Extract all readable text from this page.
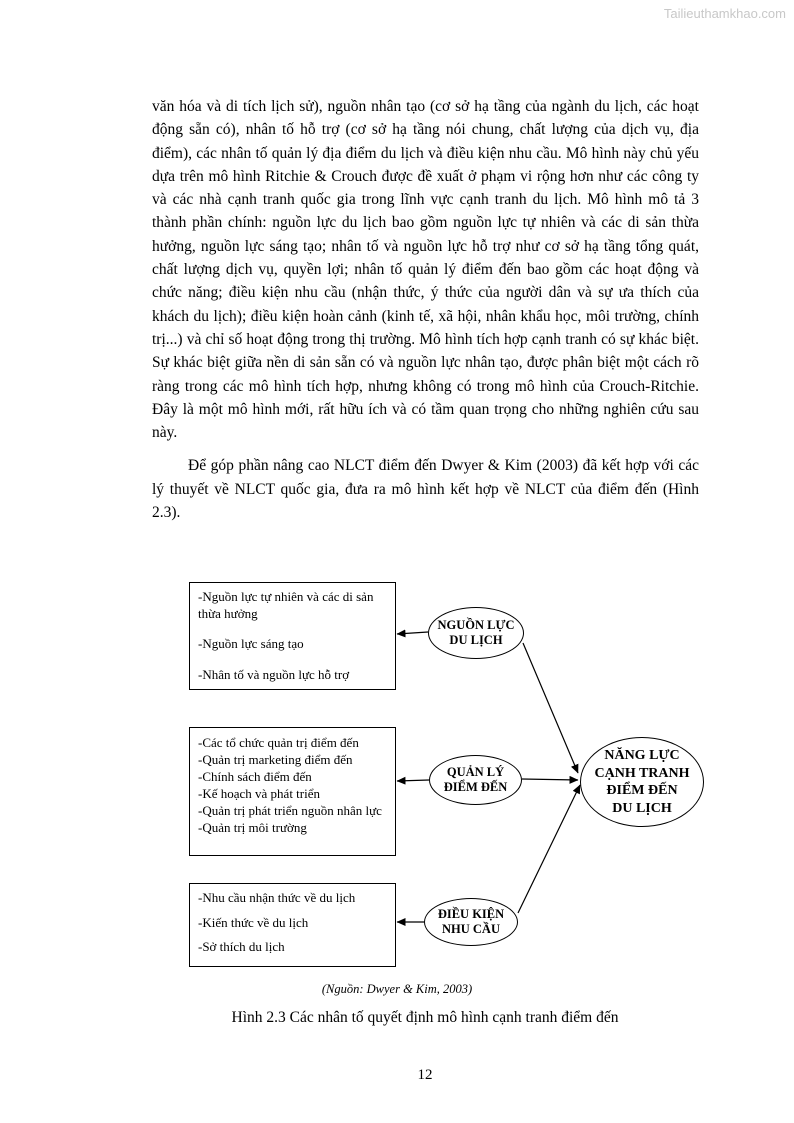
Tailieuthamkhao.com

văn hóa và di tích lịch sử), nguồn nhân tạo (cơ sở hạ tầng của ngành du lịch, các hoạt động sẵn có), nhân tố hỗ trợ (cơ sở hạ tầng nói chung, chất lượng của dịch vụ, địa điểm), các nhân tố quản lý địa điểm du lịch và điều kiện nhu cầu. Mô hình này chủ yếu dựa trên mô hình Ritchie & Crouch được đề xuất ở phạm vi rộng hơn như các công ty và các nhà cạnh tranh quốc gia trong lĩnh vực cạnh tranh du lịch. Mô hình mô tả 3 thành phần chính: nguồn lực du lịch bao gồm nguồn lực tự nhiên và các di sản thừa hưởng, nguồn lực sáng tạo; nhân tố và nguồn lực hỗ trợ như cơ sở hạ tầng tổng quát, chất lượng dịch vụ, quyền lợi; nhân tố quản lý điểm đến bao gồm các hoạt động và chức năng; điều kiện nhu cầu (nhận thức, ý thức của người dân và sự ưa thích của khách du lịch); điều kiện hoàn cảnh (kinh tế, xã hội, nhân khẩu học, môi trường, chính trị...) và chỉ số hoạt động trong thị trường. Mô hình tích hợp cạnh tranh có sự khác biệt. Sự khác biệt giữa nền di sản sẵn có và nguồn lực nhân tạo, được phân biệt một cách rõ ràng trong các mô hình tích hợp, nhưng không có trong mô hình của Crouch-Ritchie. Đây là một mô hình mới, rất hữu ích và có tầm quan trọng cho những nghiên cứu sau này.

Để góp phần nâng cao NLCT điểm đến Dwyer & Kim (2003) đã kết hợp với các lý thuyết về NLCT quốc gia, đưa ra mô hình kết hợp về NLCT của điểm đến (Hình 2.3).

-Nguồn lực tự nhiên và các di sản thừa hưởng
-Nguồn lực sáng tạo
-Nhân tố và nguồn lực hỗ trợ
-Các tổ chức quản trị điểm đến
-Quản trị marketing điểm đến
-Chính sách điểm đến
-Kế hoạch và phát triển
-Quản trị phát triển nguồn nhân lực
-Quản trị môi trường
-Nhu cầu nhận thức về du lịch
-Kiến thức về du lịch
-Sở thích du lịch
NGUỒN LỰC
DU LỊCH
QUẢN LÝ
ĐIỂM ĐẾN
ĐIỀU KIỆN
NHU CẦU
NĂNG LỰC
CẠNH TRANH
ĐIỂM ĐẾN
DU LỊCH
(Nguồn: Dwyer & Kim, 2003)
Hình 2.3 Các nhân tố quyết định mô hình cạnh tranh điểm đến
12
